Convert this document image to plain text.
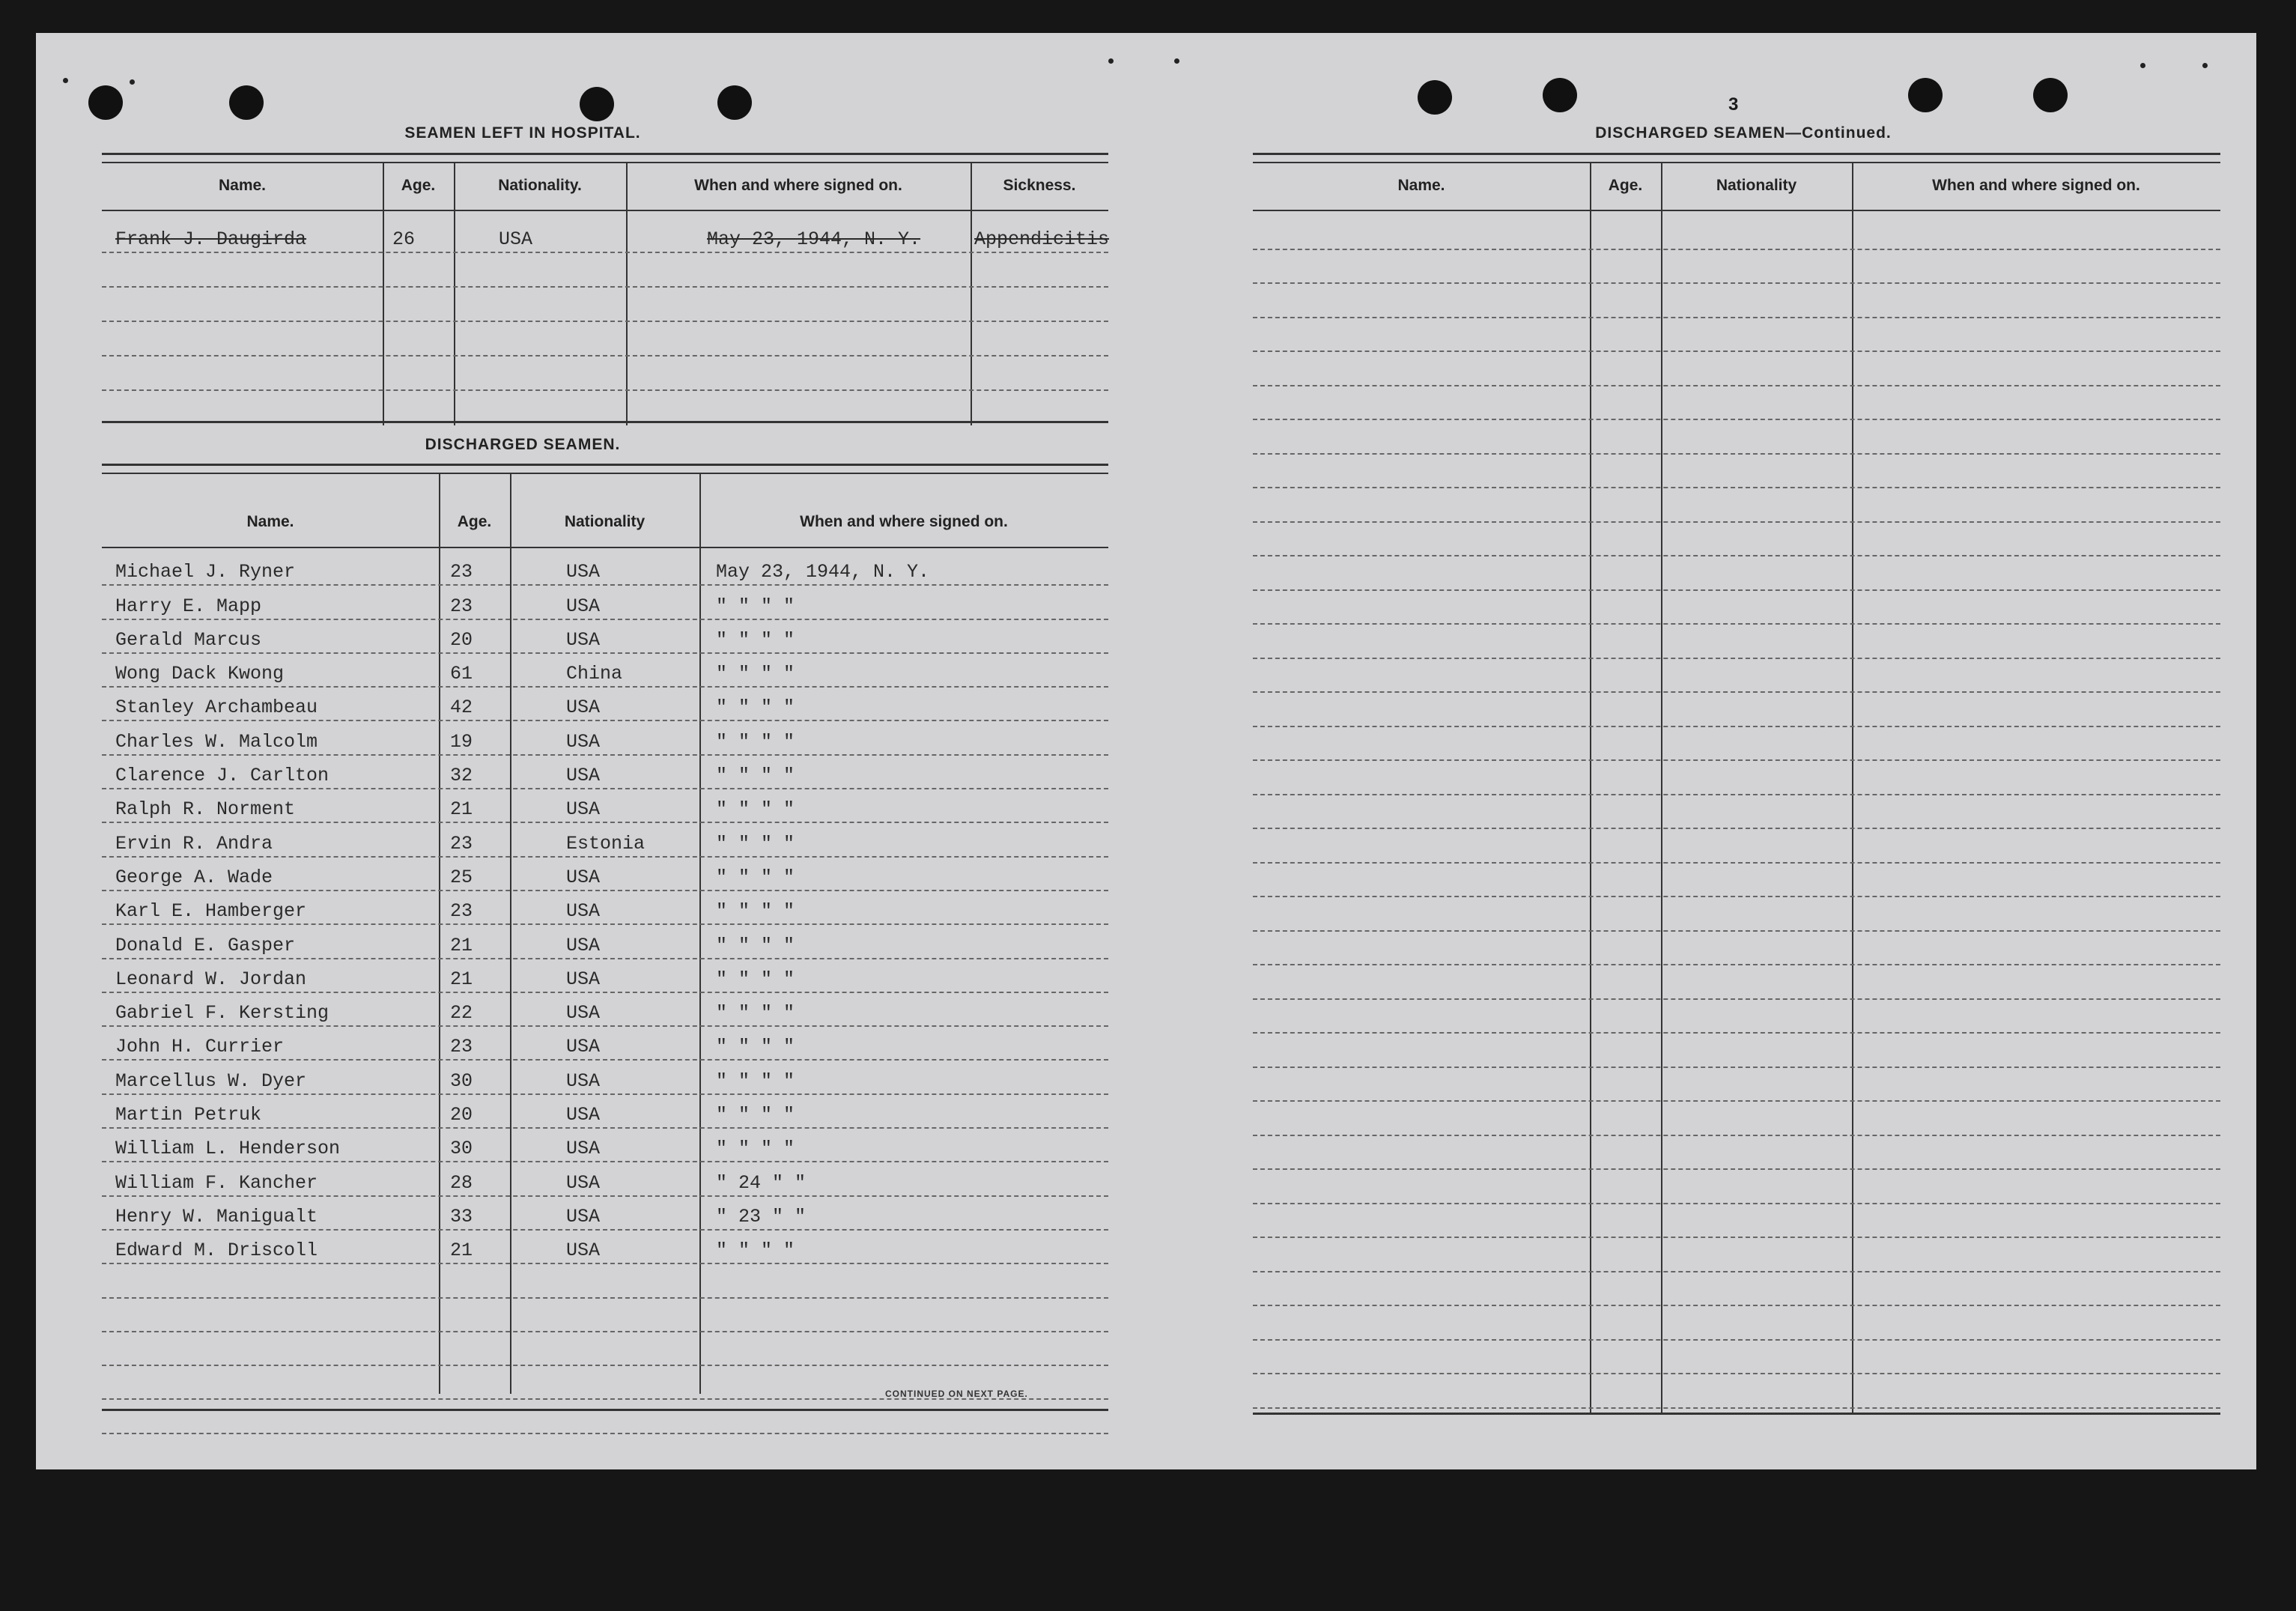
SEAMEN LEFT IN HOSPITAL.
Name.	Age.	Nationality.	When and where signed on.	Sickness.
Frank J. Daugirda	26	USA	May 23, 1944, N. Y.	Appendicitis
DISCHARGED SEAMEN.
Name.	Age.	Nationality	When and where signed on.
Michael J. Ryner	23	USA	May 23, 1944, N. Y.
Harry E. Mapp	23	USA	" " " "
Gerald Marcus	20	USA	" " " "
Wong Dack Kwong	61	China	" " " "
Stanley Archambeau	42	USA	" " " "
Charles W. Malcolm	19	USA	" " " "
Clarence J. Carlton	32	USA	" " " "
Ralph R. Norment	21	USA	" " " "
Ervin R. Andra	23	Estonia	" " " "
George A. Wade	25	USA	" " " "
Karl E. Hamberger	23	USA	" " " "
Donald E. Gasper	21	USA	" " " "
Leonard W. Jordan	21	USA	" " " "
Gabriel F. Kersting	22	USA	" " " "
John H. Currier	23	USA	" " " "
Marcellus W. Dyer	30	USA	" " " "
Martin Petruk	20	USA	" " " "
William L. Henderson	30	USA	" " " "
William F. Kancher	28	USA	" 24 " "
Henry W. Manigualt	33	USA	" 23 " "
Edward M. Driscoll	21	USA	" " " "
CONTINUED ON NEXT PAGE.
3
DISCHARGED SEAMEN—Continued.
Name.	Age.	Nationality	When and where signed on.
